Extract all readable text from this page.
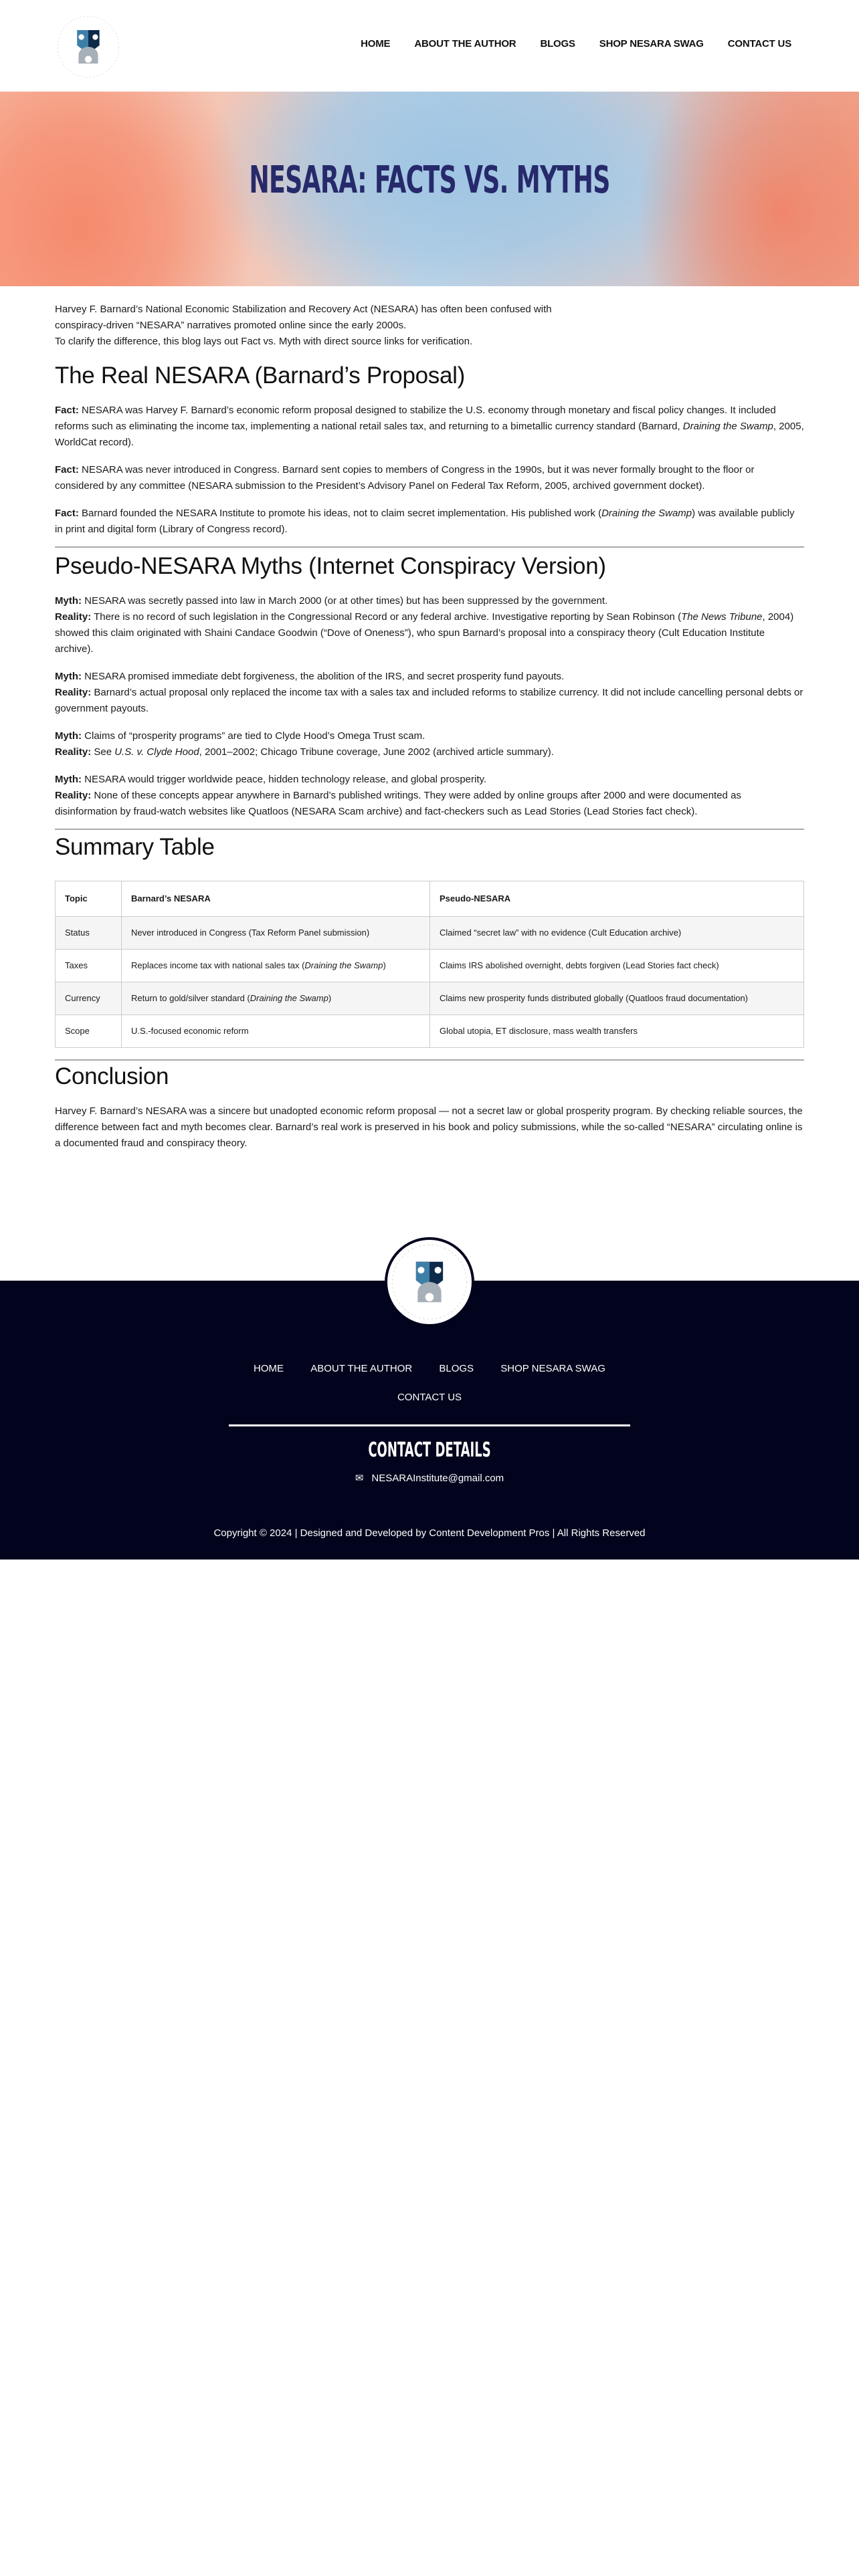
HOME ABOUT THE AUTHOR BLOGS SHOP NESARA SWAG CONTACT US
NESARA: FACTS VS. MYTHS

Harvey F. Barnard’s National Economic Stabilization and Recovery Act (NESARA) has often been confused with conspiracy-driven “NESARA” narratives promoted online since the early 2000s.
To clarify the difference, this blog lays out Fact vs. Myth with direct source links for verification.

The Real NESARA (Barnard’s Proposal)

Fact: NESARA was Harvey F. Barnard’s economic reform proposal designed to stabilize the U.S. economy through monetary and fiscal policy changes. It included reforms such as eliminating the income tax, implementing a national retail sales tax, and returning to a bimetallic currency standard (Barnard, Draining the Swamp, 2005, WorldCat record).

Fact: NESARA was never introduced in Congress. Barnard sent copies to members of Congress in the 1990s, but it was never formally brought to the floor or considered by any committee (NESARA submission to the President’s Advisory Panel on Federal Tax Reform, 2005, archived government docket).

Fact: Barnard founded the NESARA Institute to promote his ideas, not to claim secret implementation. His published work (Draining the Swamp) was available publicly in print and digital form (Library of Congress record).

Pseudo-NESARA Myths (Internet Conspiracy Version)

Myth: NESARA was secretly passed into law in March 2000 (or at other times) but has been suppressed by the government.
Reality: There is no record of such legislation in the Congressional Record or any federal archive. Investigative reporting by Sean Robinson (The News Tribune, 2004) showed this claim originated with Shaini Candace Goodwin (“Dove of Oneness”), who spun Barnard’s proposal into a conspiracy theory (Cult Education Institute archive).

Myth: NESARA promised immediate debt forgiveness, the abolition of the IRS, and secret prosperity fund payouts.
Reality: Barnard’s actual proposal only replaced the income tax with a sales tax and included reforms to stabilize currency. It did not include cancelling personal debts or government payouts.

Myth: Claims of “prosperity programs” are tied to Clyde Hood’s Omega Trust scam.
Reality: See U.S. v. Clyde Hood, 2001–2002; Chicago Tribune coverage, June 2002 (archived article summary).

Myth: NESARA would trigger worldwide peace, hidden technology release, and global prosperity.
Reality: None of these concepts appear anywhere in Barnard’s published writings. They were added by online groups after 2000 and were documented as disinformation by fraud-watch websites like Quatloos (NESARA Scam archive) and fact-checkers such as Lead Stories (Lead Stories fact check).

Summary Table
Topic	Barnard’s NESARA	Pseudo-NESARA
Status	Never introduced in Congress (Tax Reform Panel submission)	Claimed “secret law” with no evidence (Cult Education archive)
Taxes	Replaces income tax with national sales tax (Draining the Swamp)	Claims IRS abolished overnight, debts forgiven (Lead Stories fact check)
Currency	Return to gold/silver standard (Draining the Swamp)	Claims new prosperity funds distributed globally (Quatloos fraud documentation)
Scope	U.S.-focused economic reform	Global utopia, ET disclosure, mass wealth transfers
Conclusion

Harvey F. Barnard’s NESARA was a sincere but unadopted economic reform proposal — not a secret law or global prosperity program. By checking reliable sources, the difference between fact and myth becomes clear. Barnard’s real work is preserved in his book and policy submissions, while the so-called “NESARA” circulating online is a documented fraud and conspiracy theory.

HOME	ABOUT THE AUTHOR	BLOGS	SHOP NESARA SWAG
CONTACT US
CONTACT DETAILS
✉ NESARAInstitute@gmail.com
Copyright © 2024 | Designed and Developed by Content Development Pros | All Rights Reserved
